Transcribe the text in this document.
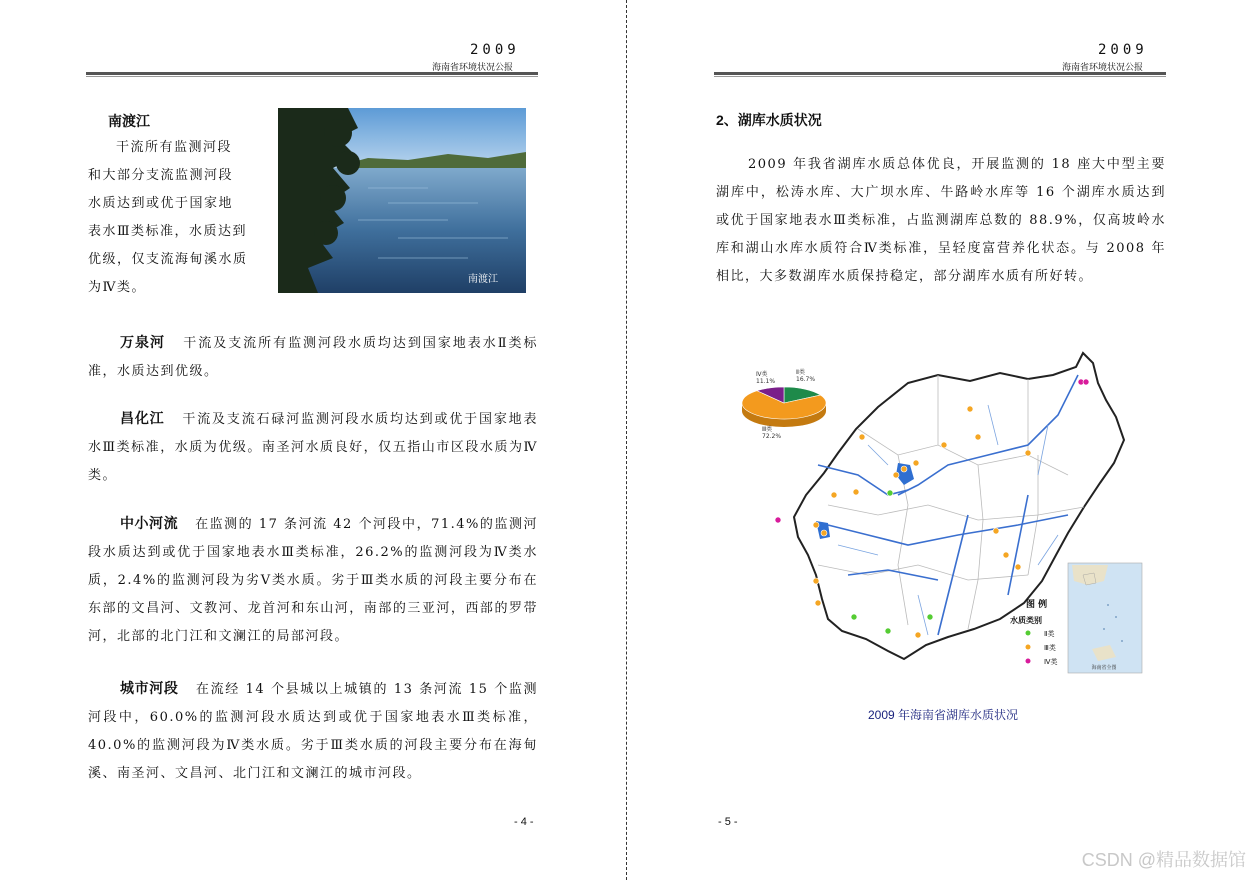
2009
海南省环境状况公报
南渡江
干流所有监测河段
和大部分支流监测河段
水质达到或优于国家地
表水Ⅲ类标准，水质达到
优级，仅支流海甸溪水质
为Ⅳ类。
南渡江
万泉河 干流及支流所有监测河段水质均达到国家地表水Ⅱ类标准，水质达到优级。
昌化江 干流及支流石碌河监测河段水质均达到或优于国家地表水Ⅲ类标准，水质为优级。南圣河水质良好，仅五指山市区段水质为Ⅳ类。
中小河流 在监测的 17 条河流 42 个河段中，71.4%的监测河段水质达到或优于国家地表水Ⅲ类标准，26.2%的监测河段为Ⅳ类水质，2.4%的监测河段为劣Ⅴ类水质。劣于Ⅲ类水质的河段主要分布在东部的文昌河、文教河、龙首河和东山河，南部的三亚河，西部的罗带河，北部的北门江和文澜江的局部河段。
城市河段 在流经 14 个县城以上城镇的 13 条河流 15 个监测河段中，60.0%的监测河段水质达到或优于国家地表水Ⅲ类标准，40.0%的监测河段为Ⅳ类水质。劣于Ⅲ类水质的河段主要分布在海甸溪、南圣河、文昌河、北门江和文澜江的城市河段。
- 4 -
2009
海南省环境状况公报
2、湖库水质状况
2009 年我省湖库水质总体优良，开展监测的 18 座大中型主要湖库中，松涛水库、大广坝水库、牛路岭水库等 16 个湖库水质达到或优于国家地表水Ⅲ类标准，占监测湖库总数的 88.9%，仅高坡岭水库和湖山水库水质符合Ⅳ类标准，呈轻度富营养化状态。与 2008 年相比，大多数湖库水质保持稳定，部分湖库水质有所好转。
- 5 -
Ⅳ类
11.1%
Ⅱ类
16.7%
Ⅲ类
72.2%
图 例
水质类别
Ⅱ类
Ⅲ类
Ⅳ类
海南省全图
2009 年海南省湖库水质状况
CSDN @精品数据馆
